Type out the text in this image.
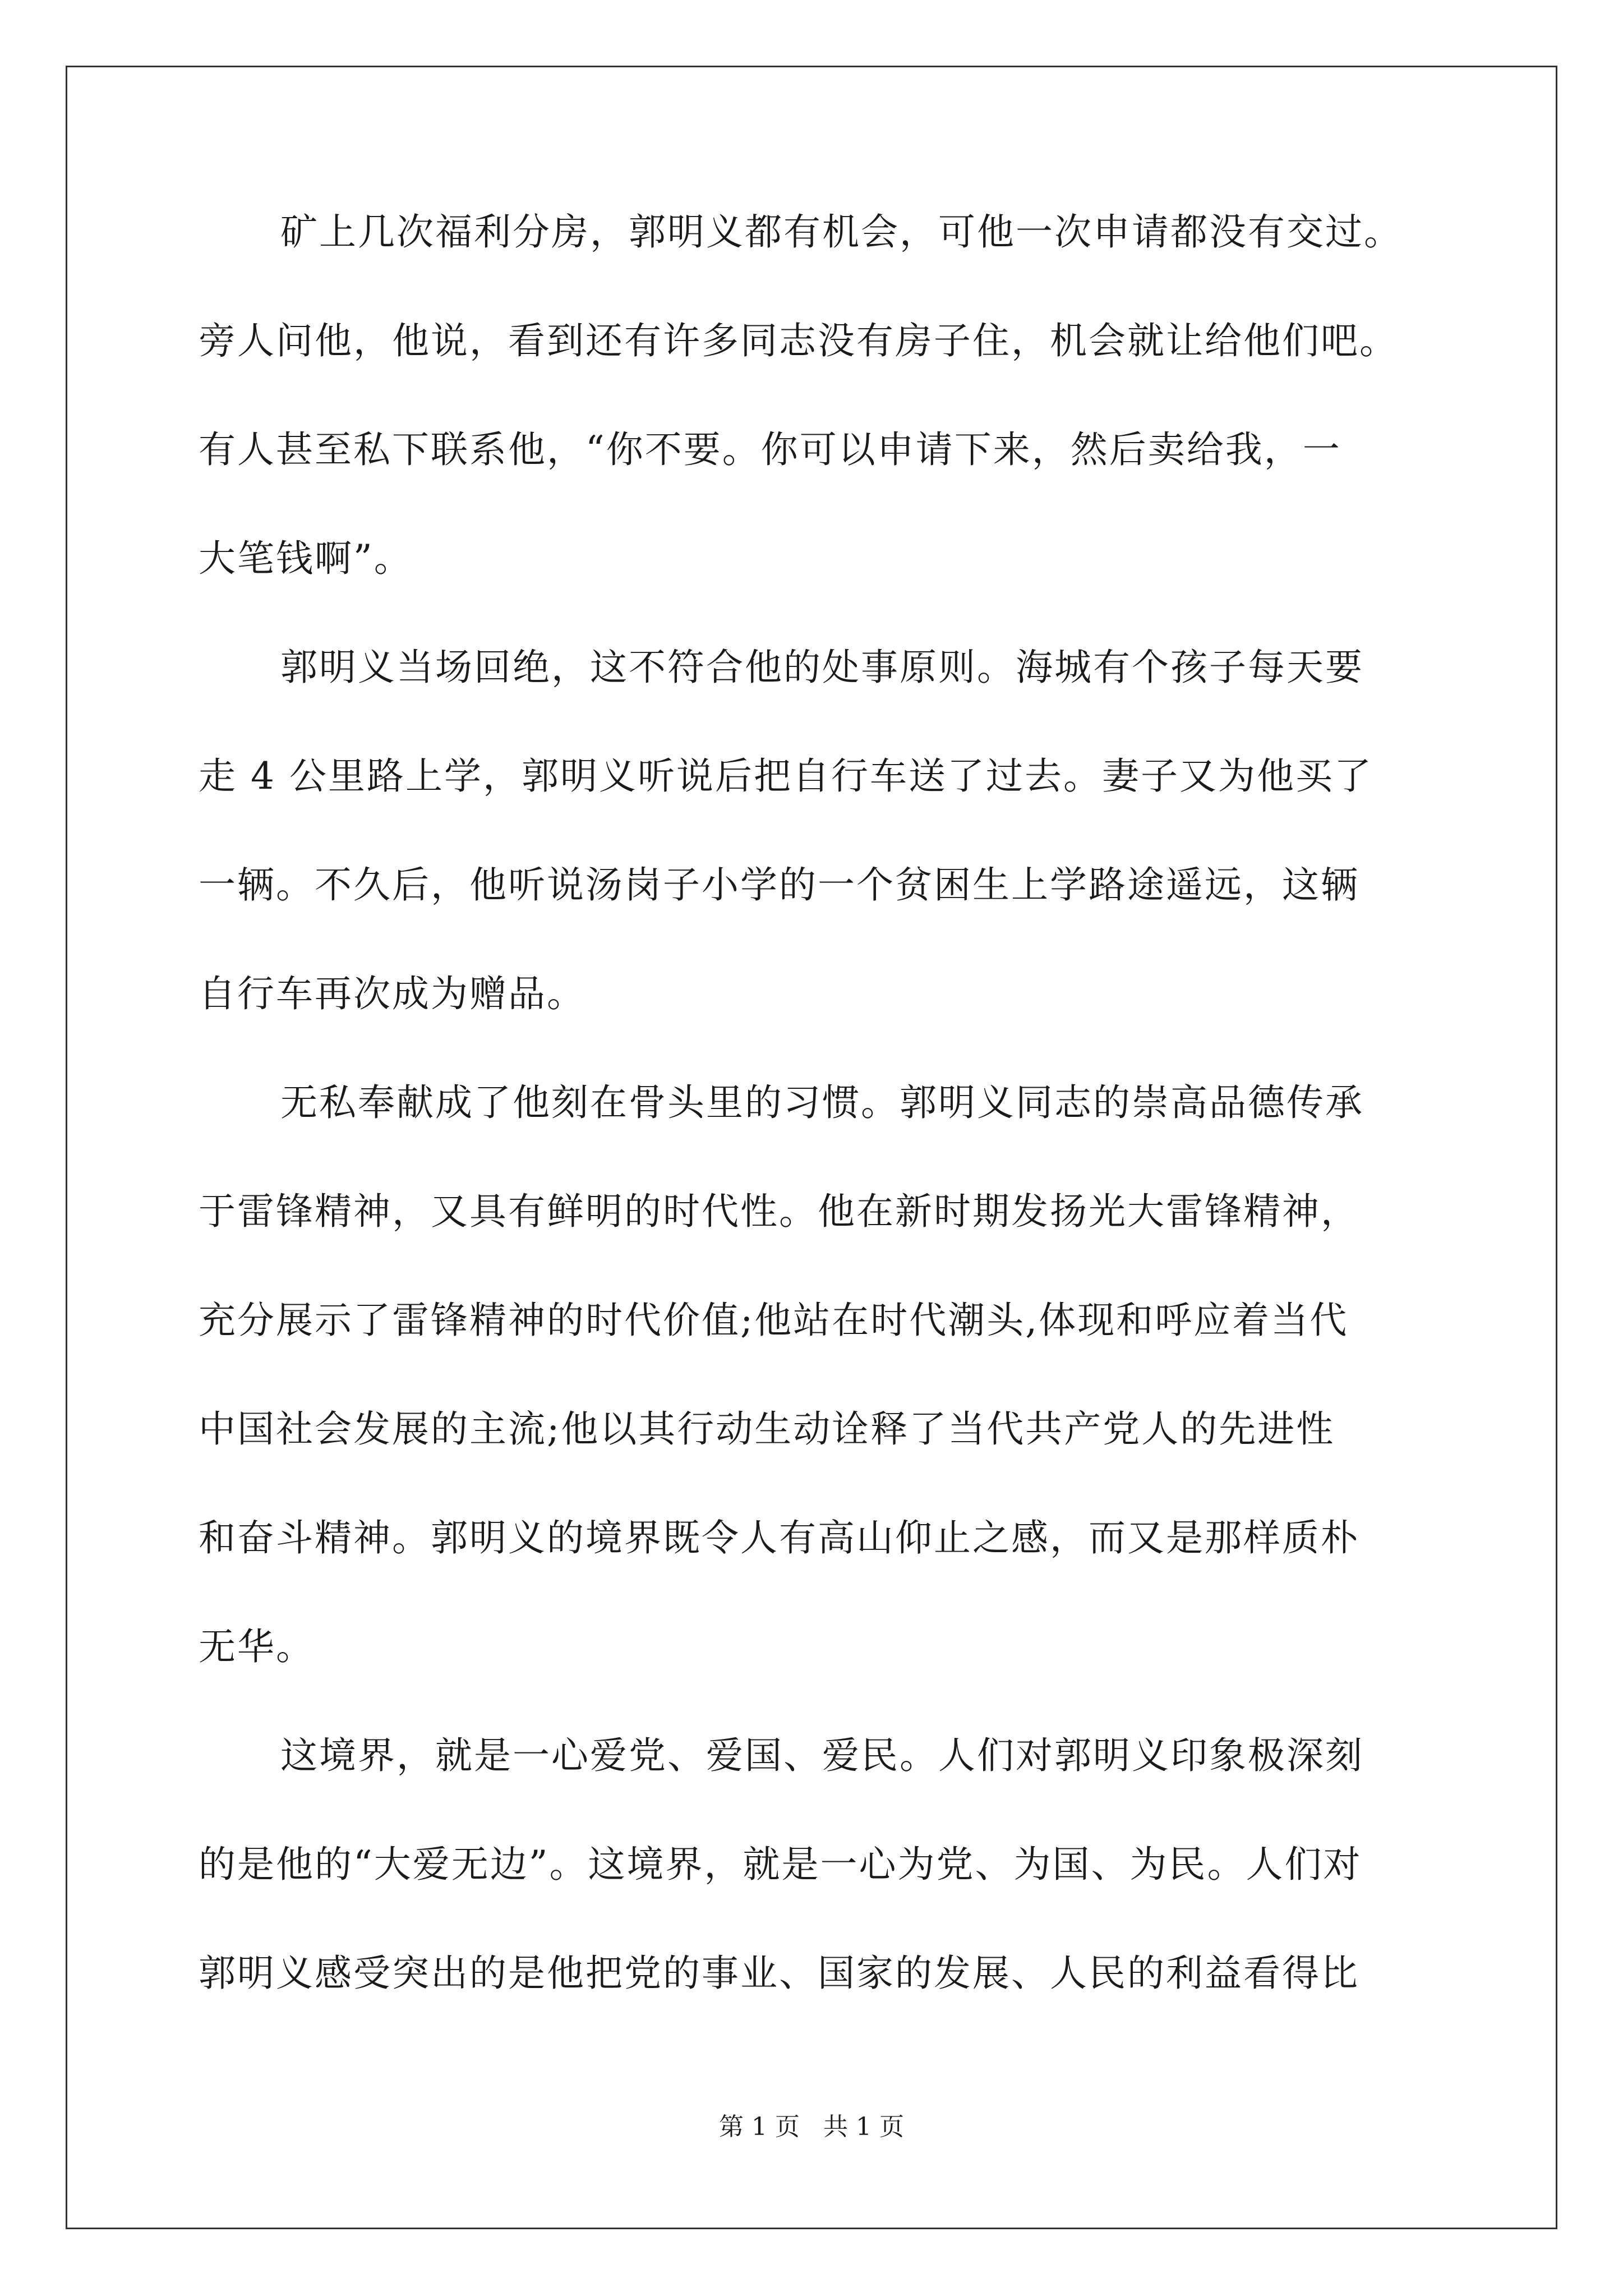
矿上几次福利分房，郭明义都有机会，可他一次申请都没有交过。
旁人问他，他说，看到还有许多同志没有房子住，机会就让给他们吧。
有人甚至私下联系他，“你不要。你可以申请下来，然后卖给我，一
大笔钱啊”。
郭明义当场回绝，这不符合他的处事原则。海城有个孩子每天要
走 4 公里路上学，郭明义听说后把自行车送了过去。妻子又为他买了
一辆。不久后，他听说汤岗子小学的一个贫困生上学路途遥远，这辆
自行车再次成为赠品。
无私奉献成了他刻在骨头里的习惯。郭明义同志的崇高品德传承
于雷锋精神，又具有鲜明的时代性。他在新时期发扬光大雷锋精神，
充分展示了雷锋精神的时代价值;他站在时代潮头,体现和呼应着当代
中国社会发展的主流;他以其行动生动诠释了当代共产党人的先进性
和奋斗精神。郭明义的境界既令人有高山仰止之感，而又是那样质朴
无华。
这境界，就是一心爱党、爱国、爱民。人们对郭明义印象极深刻
的是他的“大爱无边”。这境界，就是一心为党、为国、为民。人们对
郭明义感受突出的是他把党的事业、国家的发展、人民的利益看得比
第 1 页   共 1 页
